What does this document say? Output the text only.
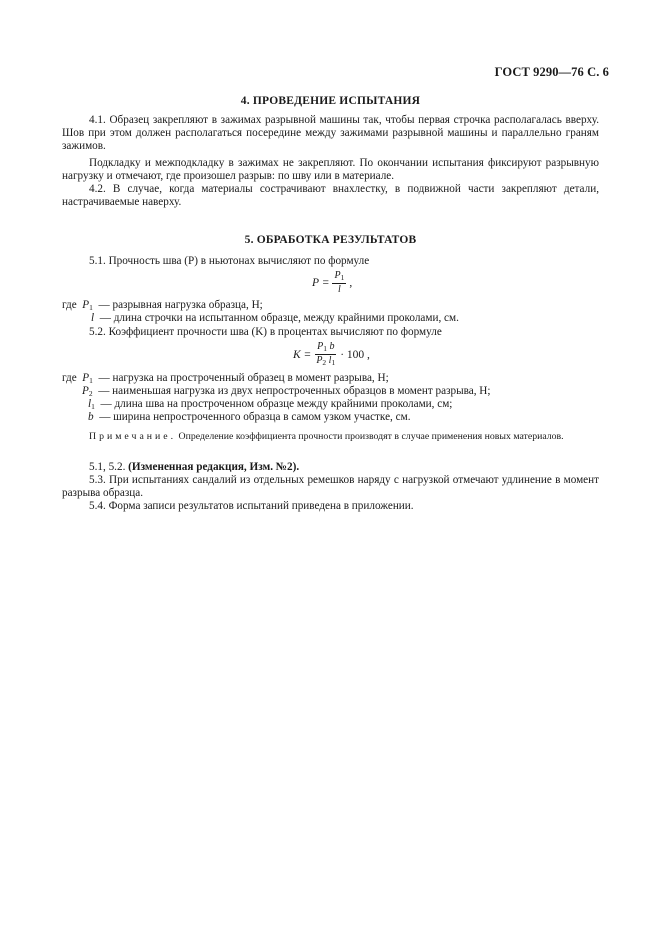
ГОСТ 9290—76 С. 6
4. ПРОВЕДЕНИЕ ИСПЫТАНИЯ
4.1. Образец закрепляют в зажимах разрывной машины так, чтобы первая строчка располагалась вверху. Шов при этом должен располагаться посередине между зажимами разрывной машины и параллельно граням зажимов.
Подкладку и межподкладку в зажимах не закрепляют. По окончании испытания фиксируют разрывную нагрузку и отмечают, где произошел разрыв: по шву или в материале.
4.2. В случае, когда материалы сострачивают внахлестку, в подвижной части закрепляют детали, настрачиваемые наверху.
5. ОБРАБОТКА РЕЗУЛЬТАТОВ
5.1. Прочность шва (P) в ньютонах вычисляют по формуле
$P = \frac{P_1}{l}$ ,
где $P_1$ — разрывная нагрузка образца, Н;
l — длина строчки на испытанном образце, между крайними проколами, см.
5.2. Коэффициент прочности шва (K) в процентах вычисляют по формуле
$K = \frac{P_1 b}{P_2 l_1} \cdot 100$ ,
где $P_1$ — нагрузка на прострочeнный образец в момент разрыва, Н;
$P_2$ — наименьшая нагрузка из двух непрострочeнных образцов в момент разрыва, Н;
$l_1$ — длина шва на прострочeнном образце между крайними проколами, см;
b — ширина непрострочeнного образца в самом узком участке, см.
Примечание. Определение коэффициента прочности производят в случае применения новых материалов.
5.1, 5.2. (Измененная редакция, Изм. №2).
5.3. При испытаниях сандалий из отдельных ремешков наряду с нагрузкой отмечают удлинение в момент разрыва образца.
5.4. Форма записи результатов испытаний приведена в приложении.
